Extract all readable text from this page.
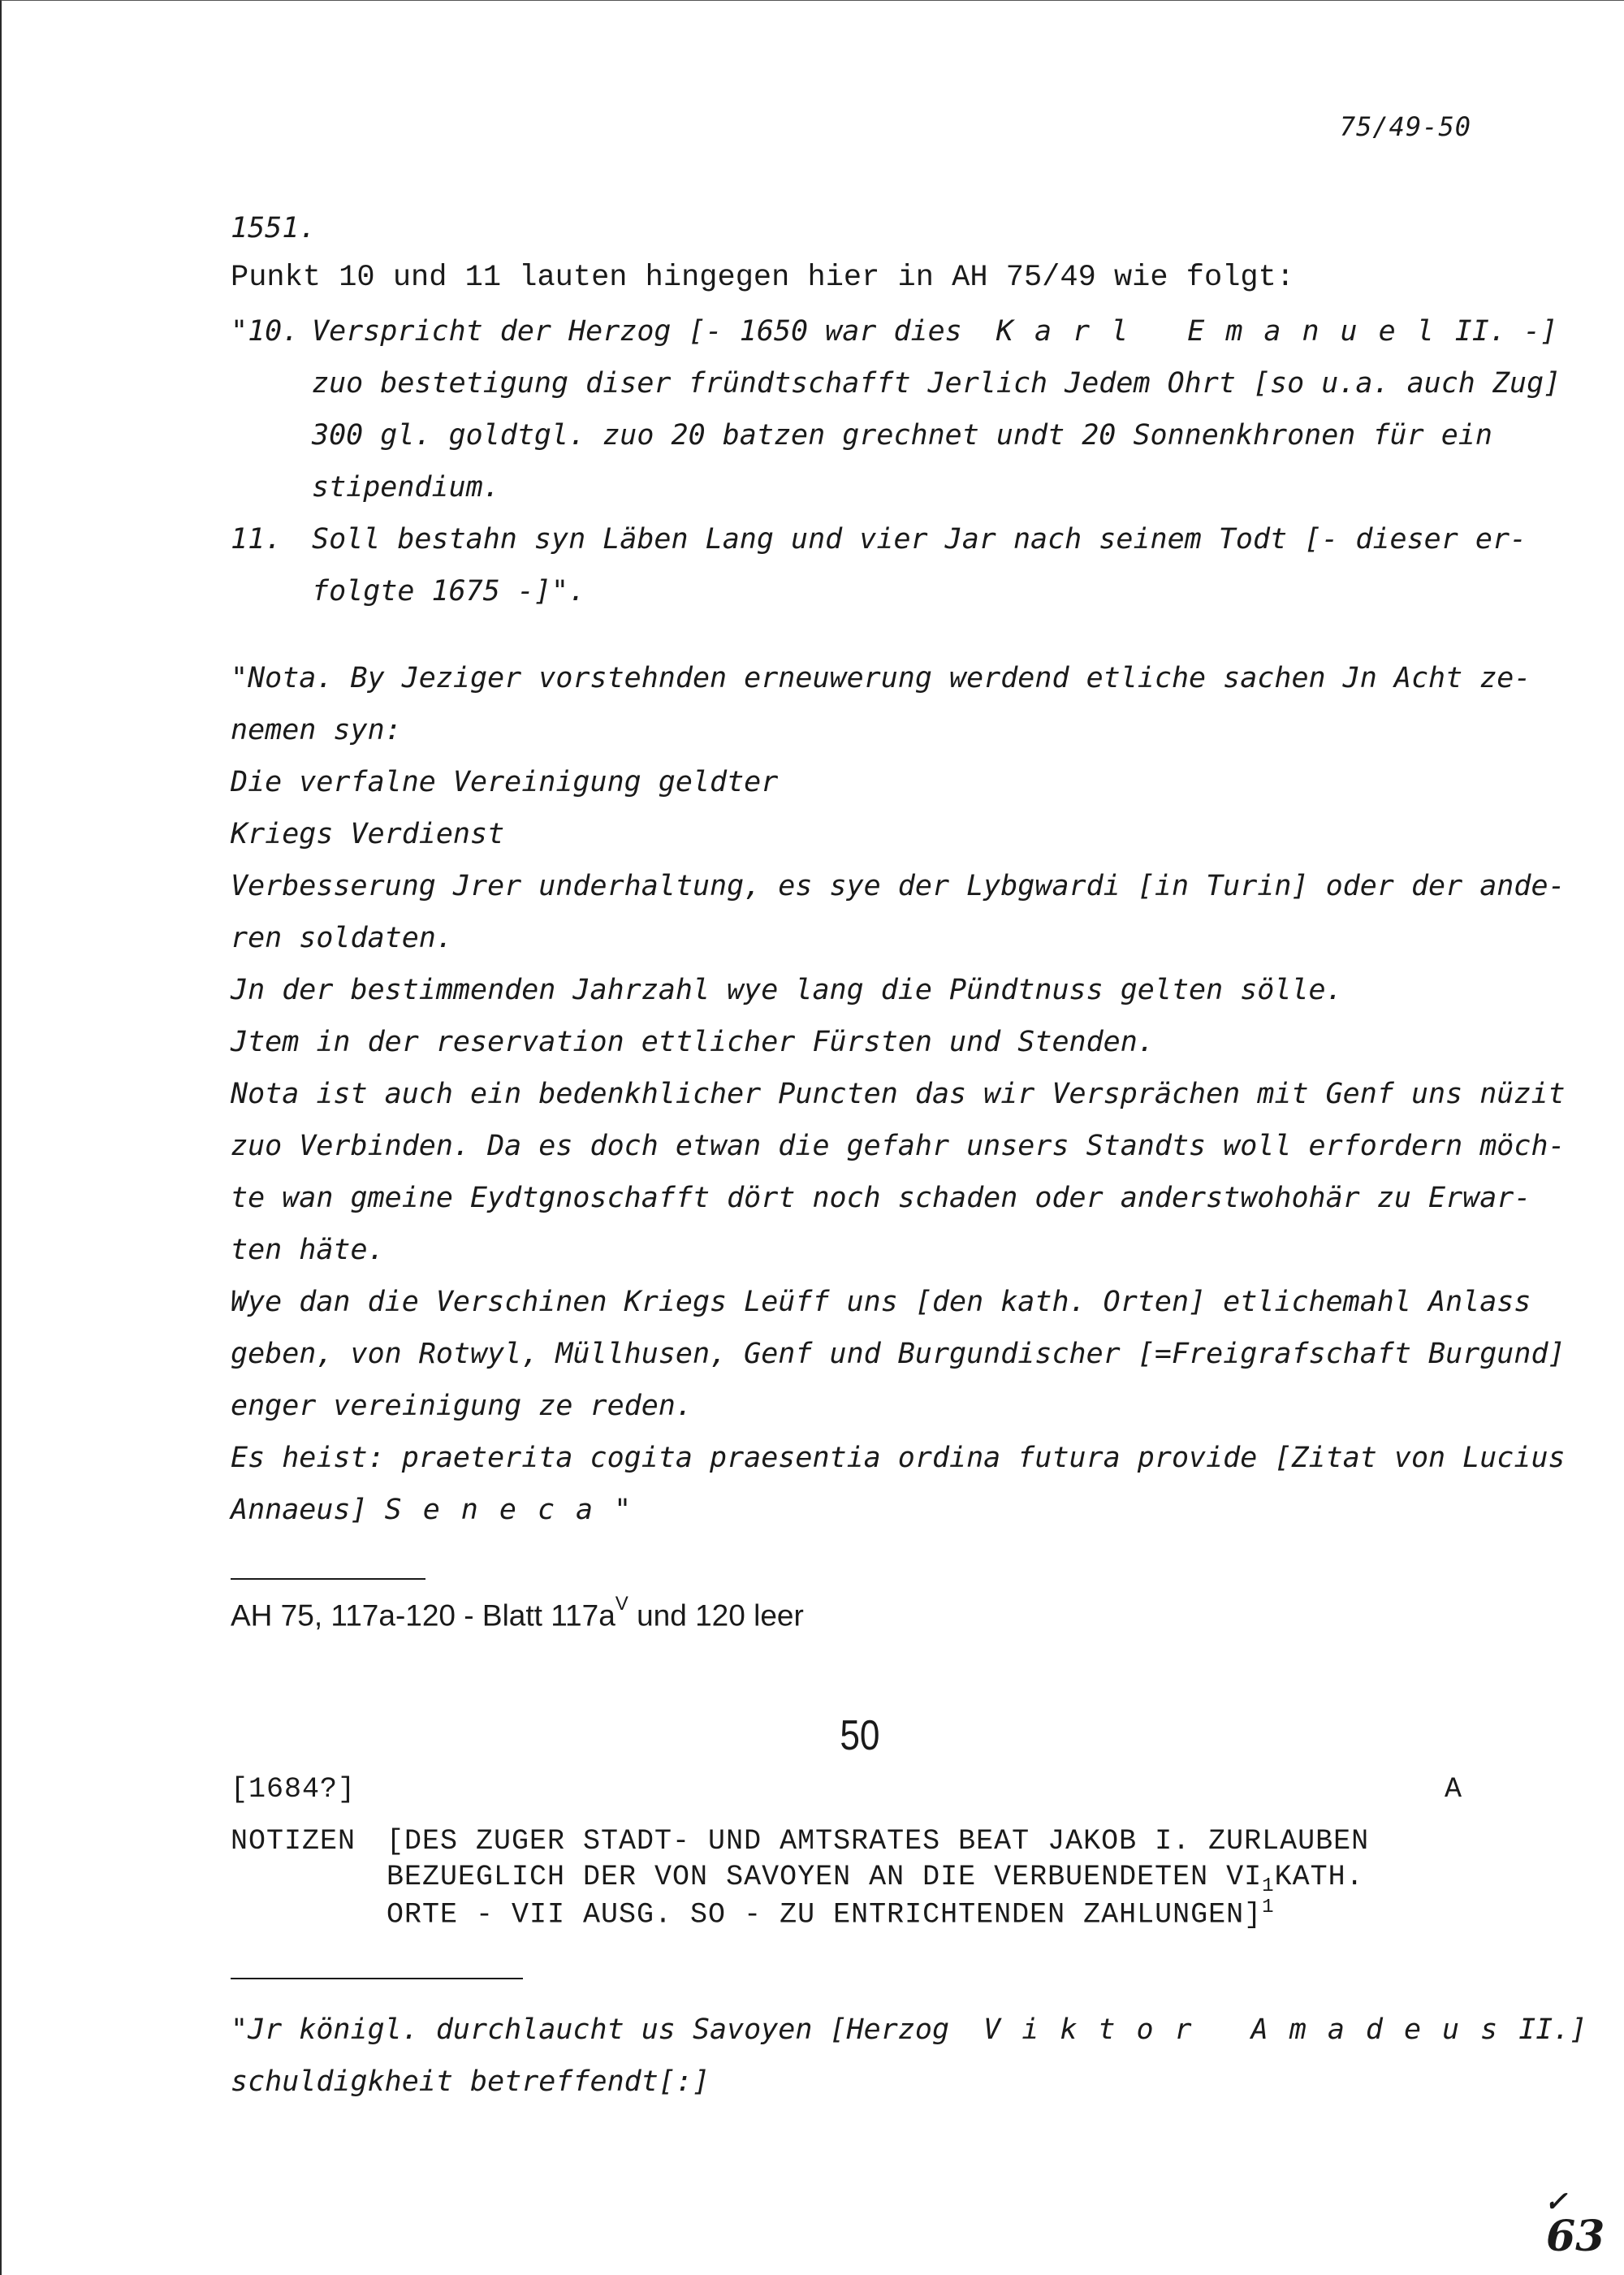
75/49-50
1551.
Punkt 10 und 11 lauten hingegen hier in AH 75/49 wie folgt:
"10. Verspricht der Herzog [- 1650 war dies Karl EmanuelII. -]
zuo bestetigung diser fründtschafft Jerlich Jedem Ohrt [so u.a. auch Zug]
300 gl. goldtgl. zuo 20 batzen grechnet undt 20 Sonnenkhronen für ein
stipendium.
11. Soll bestahn syn Läben Lang und vier Jar nach seinem Todt [- dieser er-
folgte 1675 -]".
"Nota. By Jeziger vorstehnden erneuwerung werdend etliche sachen Jn Acht ze-
nemen syn:
Die verfalne Vereinigung geldter
Kriegs Verdienst
Verbesserung Jrer underhaltung, es sye der Lybgwardi [in Turin] oder der ande-
ren soldaten.
Jn der bestimmenden Jahrzahl wye lang die Pündtnuss gelten sölle.
Jtem in der reservation ettlicher Fürsten und Stenden.
Nota ist auch ein bedenkhlicher Puncten das wir Versprächen mit Genf uns nüzit
zuo Verbinden. Da es doch etwan die gefahr unsers Standts woll erfordern möch-
te wan gmeine Eydtgnoschafft dört noch schaden oder anderstwohohär zu Erwar-
ten häte.
Wye dan die Verschinen Kriegs Leüff uns [den kath. Orten] etlichemahl Anlass
geben, von Rotwyl, Müllhusen, Genf und Burgundischer [=Freigrafschaft Burgund]
enger vereinigung ze reden.
Es heist: praeterita cogita praesentia ordina futura provide [Zitat von Lucius
Annaeus] Seneca"
AH 75, 117a-120 - Blatt $117a^V$ und 120 leer
50
[1684?]	A
NOTIZEN [DES ZUGER STADT- UND AMTSRATES BEAT JAKOB I. ZURLAUBEN
BEZUEGLICH DER VON SAVOYEN AN DIE VERBUENDETEN $VI_1KATH$.
ORTE - VII AUSG. SO - ZU ENTRICHTENDEN ZAHLUNGEN]$^1$
"Jr königl. durchlaucht us Savoyen [Herzog Viktor AmadeusII.]
schuldigkheit betreffendt[:]
✓
63
